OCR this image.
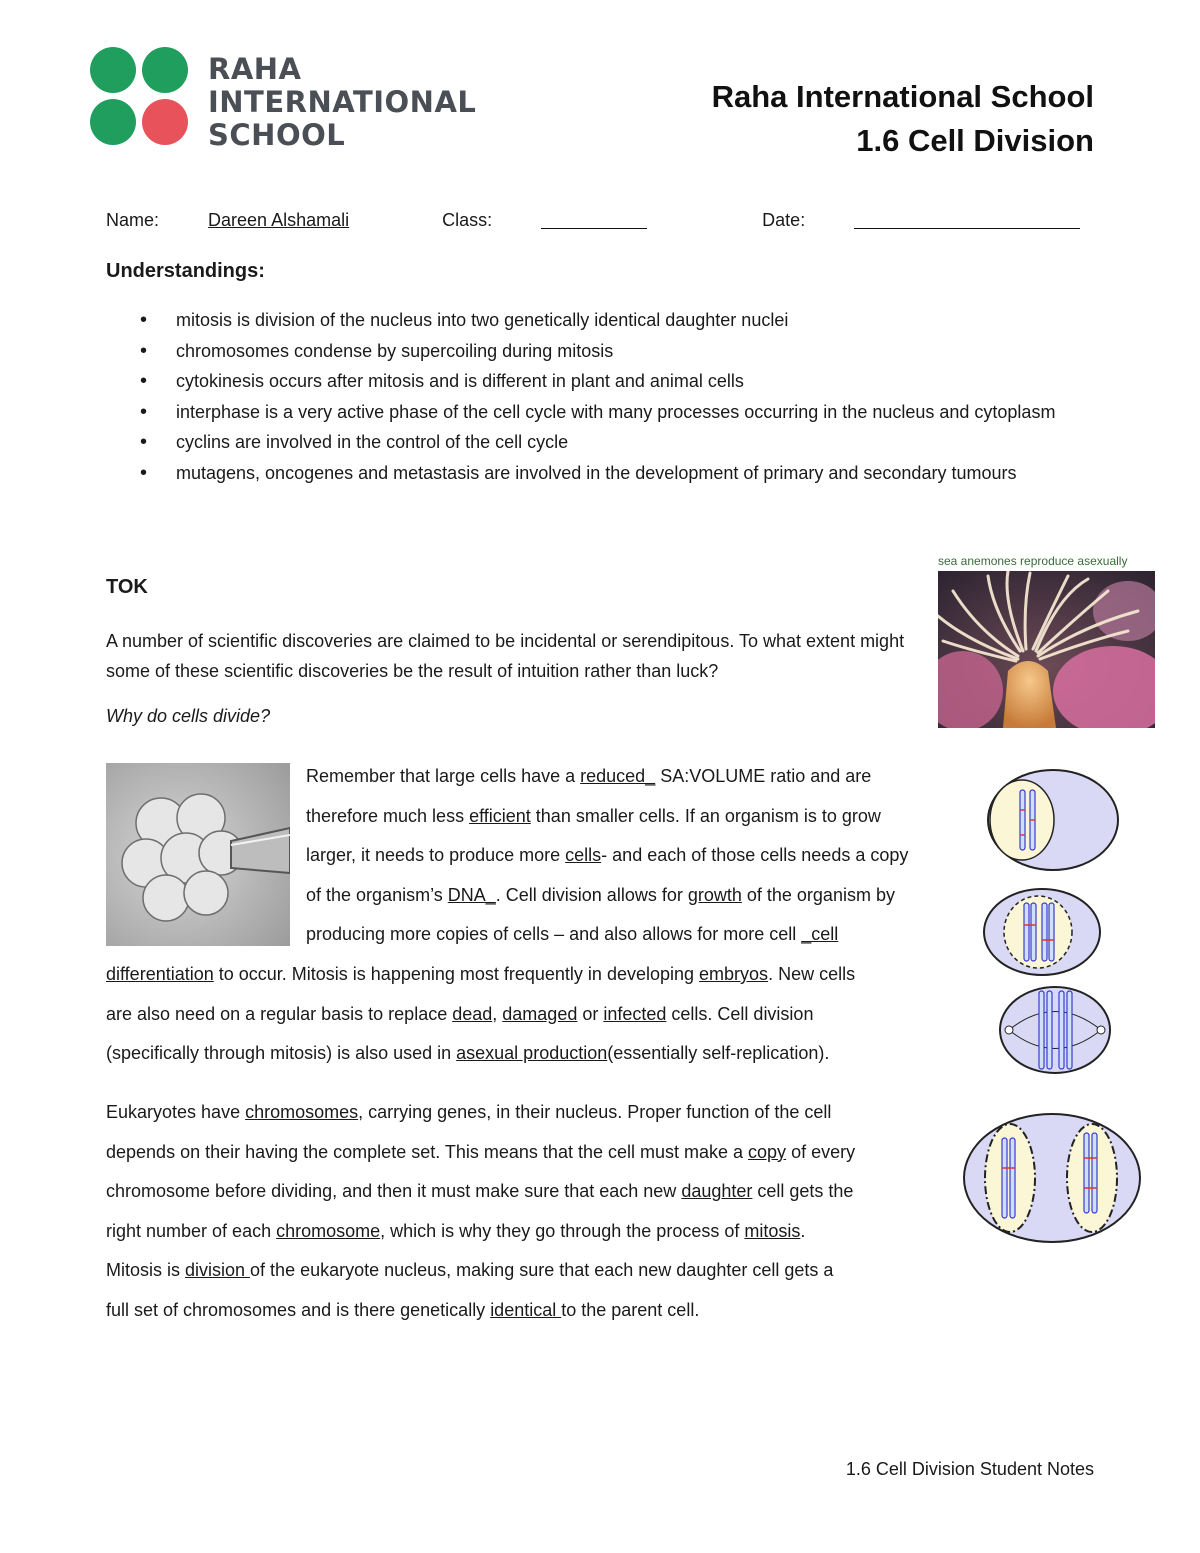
RAHA
INTERNATIONAL
SCHOOL
Raha International School
1.6 Cell Division
Name:	Dareen Alshamali	Class:	Date:
Understandings:
• mitosis is division of the nucleus into two genetically identical daughter nuclei
• chromosomes condense by supercoiling during mitosis
• cytokinesis occurs after mitosis and is different in plant and animal cells
• interphase is a very active phase of the cell cycle with many processes occurring in the nucleus and cytoplasm
• cyclins are involved in the control of the cell cycle
• mutagens, oncogenes and metastasis are involved in the development of primary and secondary tumours
sea anemones reproduce asexually
TOK
A number of scientific discoveries are claimed to be incidental or serendipitous. To what extent might some of these scientific discoveries be the result of intuition rather than luck?
Why do cells divide?
Remember that large cells have a reduced_ SA:VOLUME ratio and are
therefore much less efficient than smaller cells. If an organism is to grow
larger, it needs to produce more cells- and each of those cells needs a copy
of the organism’s DNA_. Cell division allows for growth of the organism by
producing more copies of cells – and also allows for more cell _cell
differentiation to occur. Mitosis is happening most frequently in developing embryos. New cells
are also need on a regular basis to replace dead, damaged or infected cells. Cell division
(specifically through mitosis) is also used in asexual production(essentially self-replication).
Eukaryotes have chromosomes, carrying genes, in their nucleus. Proper function of the cell
depends on their having the complete set. This means that the cell must make a copy of every
chromosome before dividing, and then it must make sure that each new daughter cell gets the
right number of each chromosome, which is why they go through the process of mitosis.
Mitosis is division of the eukaryote nucleus, making sure that each new daughter cell gets a
full set of chromosomes and is there genetically identical to the parent cell.
1.6 Cell Division Student Notes
